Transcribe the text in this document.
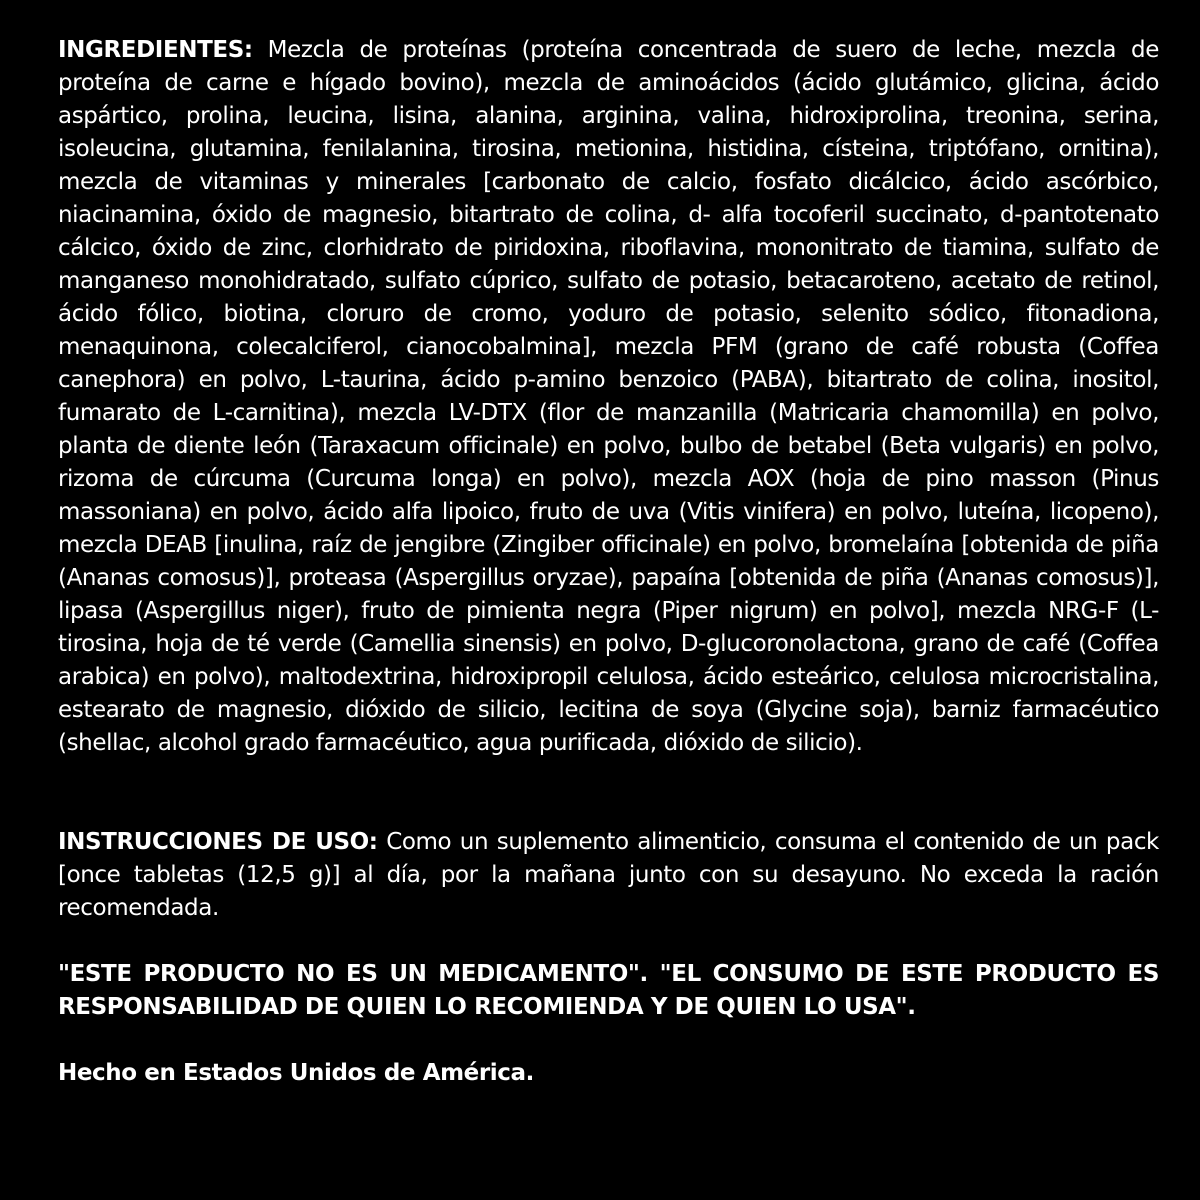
INGREDIENTES: Mezcla de proteínas (proteína concentrada de suero de leche, mezcla de proteína de carne e hígado bovino), mezcla de aminoácidos (ácido glutámico, glicina, ácido aspártico, prolina, leucina, lisina, alanina, arginina, valina, hidroxiprolina, treonina, serina, isoleucina, glutamina, fenilalanina, tirosina, metionina, histidina, císteina, triptófano, ornitina), mezcla de vitaminas y minerales [carbonato de calcio, fosfato dicálcico, ácido ascórbico, niacinamina, óxido de magnesio, bitartrato de colina, d- alfa tocoferil succinato, d-pantotenato cálcico, óxido de zinc, clorhidrato de piridoxina, riboflavina, mononitrato de tiamina, sulfato de manganeso monohidratado, sulfato cúprico, sulfato de potasio, betacaroteno, acetato de retinol, ácido fólico, biotina, cloruro de cromo, yoduro de potasio, selenito sódico, fitonadiona, menaquinona, colecalciferol, cianocobalmina], mezcla PFM (grano de café robusta (Coffea canephora) en polvo, L-taurina, ácido p-amino benzoico (PABA), bitartrato de colina, inositol, fumarato de L-carnitina), mezcla LV-DTX (flor de manzanilla (Matricaria chamomilla) en polvo, planta de diente león (Taraxacum officinale) en polvo, bulbo de betabel (Beta vulgaris) en polvo, rizoma de cúrcuma (Curcuma longa) en polvo), mezcla AOX (hoja de pino masson (Pinus massoniana) en polvo, ácido alfa lipoico, fruto de uva (Vitis vinifera) en polvo, luteína, licopeno), mezcla DEAB [inulina, raíz de jengibre (Zingiber officinale) en polvo, bromelaína [obtenida de piña (Ananas comosus)], proteasa (Aspergillus oryzae), papaína [obtenida de piña (Ananas comosus)], lipasa (Aspergillus niger), fruto de pimienta negra (Piper nigrum) en polvo], mezcla NRG-F (L-tirosina, hoja de té verde (Camellia sinensis) en polvo, D-glucoronolactona, grano de café (Coffea arabica) en polvo), maltodextrina, hidroxipropil celulosa, ácido esteárico, celulosa microcristalina, estearato de magnesio, dióxido de silicio, lecitina de soya (Glycine soja), barniz farmacéutico (shellac, alcohol grado farmacéutico, agua purificada, dióxido de silicio).

INSTRUCCIONES DE USO: Como un suplemento alimenticio, consuma el contenido de un pack [once tabletas (12,5 g)] al día, por la mañana junto con su desayuno. No exceda la ración recomendada.

"ESTE PRODUCTO NO ES UN MEDICAMENTO". "EL CONSUMO DE ESTE PRODUCTO ES RESPONSABILIDAD DE QUIEN LO RECOMIENDA Y DE QUIEN LO USA".

Hecho en Estados Unidos de América.
